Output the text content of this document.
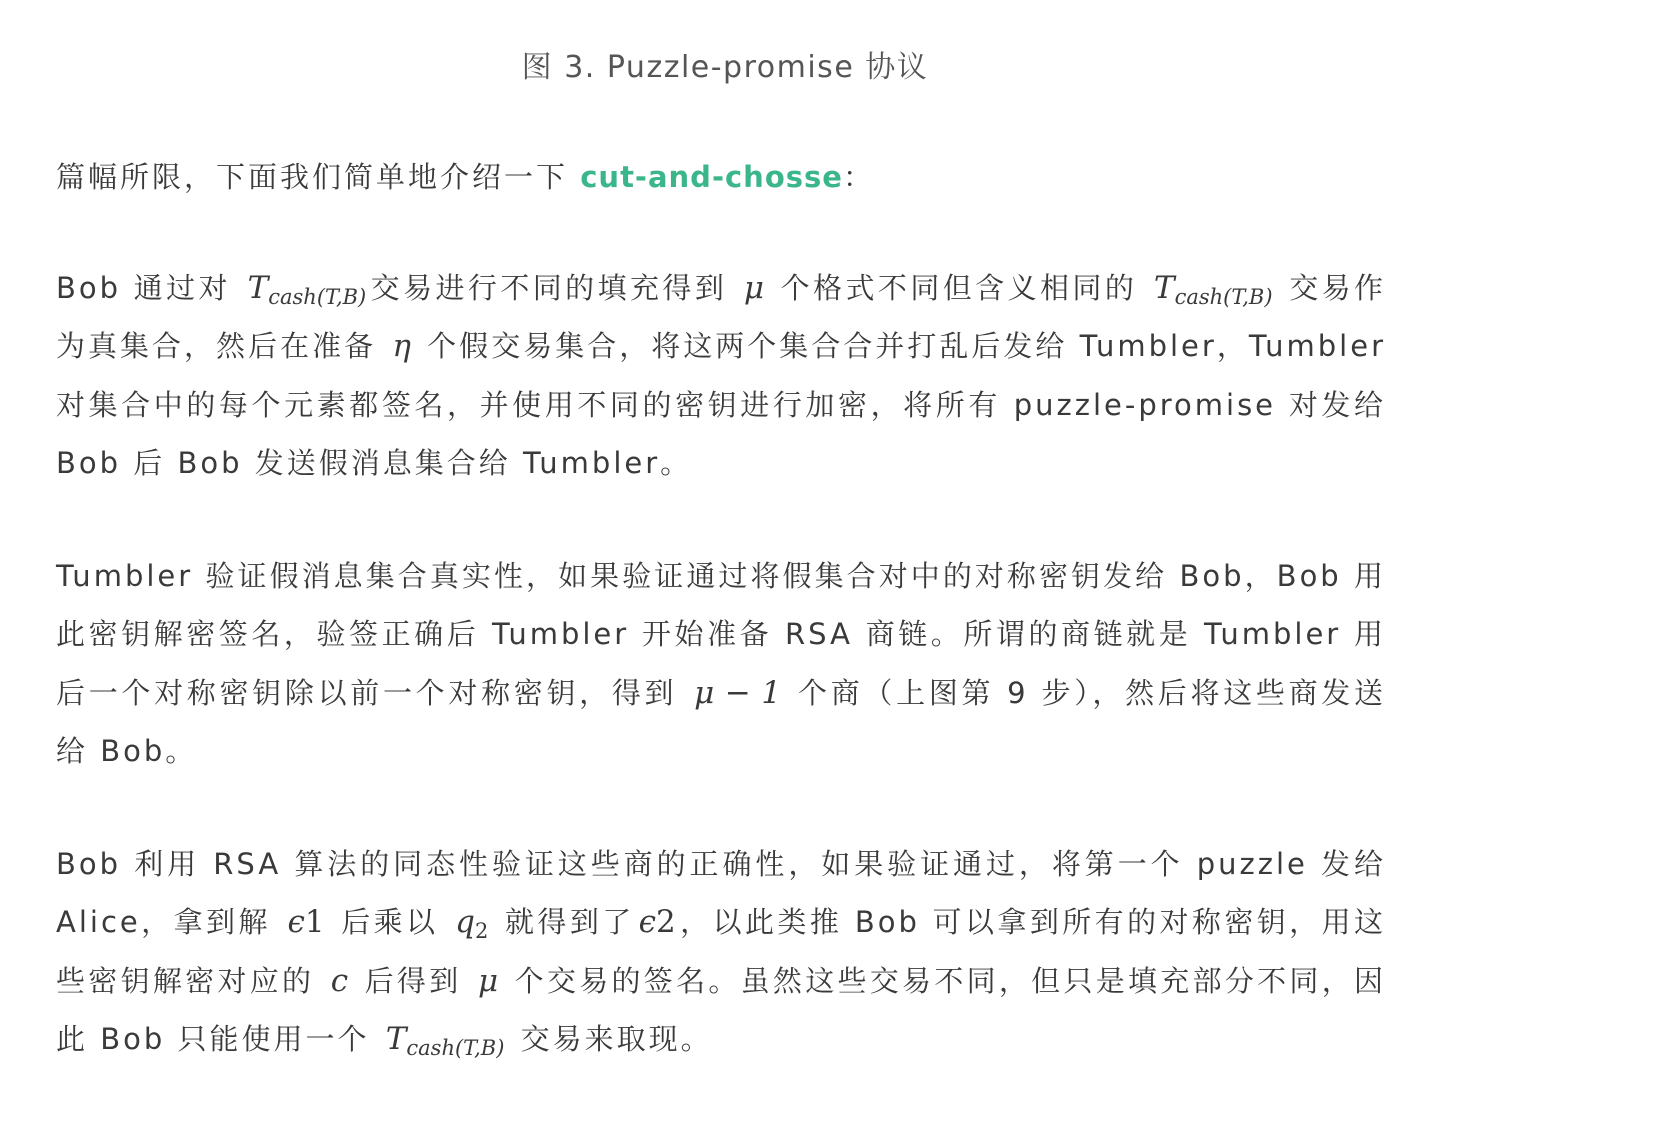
图 3. Puzzle-promise 协议

篇幅所限，下面我们简单地介绍一下 cut-and-chosse：

Bob 通过对 $T_{cash(T,B)}$ 交易进行不同的填充得到 μ 个格式不同但含义相同的 $T_{cash(T,B)}$ 交易作为真集合，然后在准备 η 个假交易集合，将这两个集合合并打乱后发给 Tumbler，Tumbler 对集合中的每个元素都签名，并使用不同的密钥进行加密，将所有 puzzle-promise 对发给 Bob 后 Bob 发送假消息集合给 Tumbler。

Tumbler 验证假消息集合真实性，如果验证通过将假集合对中的对称密钥发给 Bob，Bob 用此密钥解密签名，验签正确后 Tumbler 开始准备 RSA 商链。所谓的商链就是 Tumbler 用后一个对称密钥除以前一个对称密钥，得到 μ − 1 个商（上图第 9 步），然后将这些商发送给 Bob。

Bob 利用 RSA 算法的同态性验证这些商的正确性，如果验证通过，将第一个 puzzle 发给 Alice，拿到解 ϵ1 后乘以 $q_2$ 就得到了 ϵ2 ，以此类推 Bob 可以拿到所有的对称密钥，用这些密钥解密对应的 c 后得到 μ 个交易的签名。虽然这些交易不同，但只是填充部分不同，因此 Bob 只能使用一个 $T_{cash(T,B)}$ 交易来取现。
